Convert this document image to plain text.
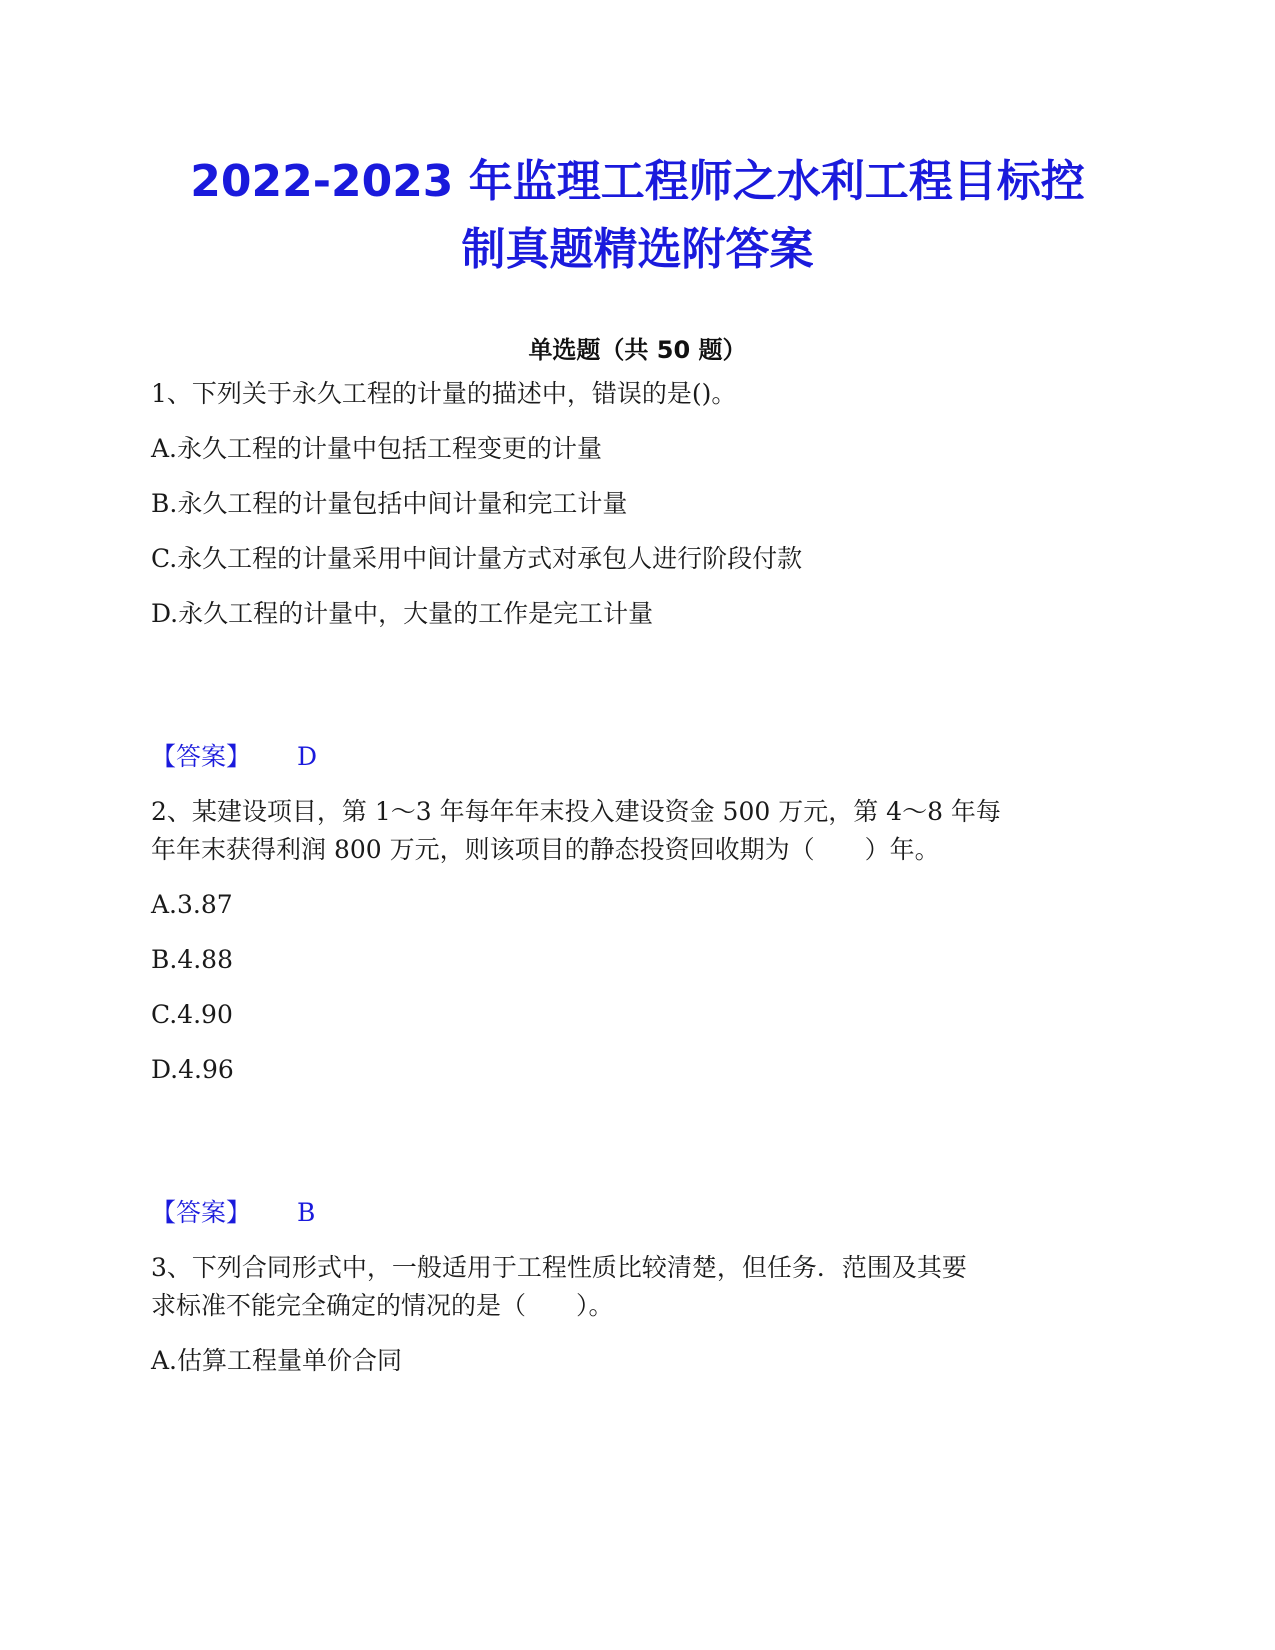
2022-2023 年监理工程师之水利工程目标控
制真题精选附答案
单选题（共 50 题）
1、下列关于永久工程的计量的描述中，错误的是()。
A.永久工程的计量中包括工程变更的计量
B.永久工程的计量包括中间计量和完工计量
C.永久工程的计量采用中间计量方式对承包人进行阶段付款
D.永久工程的计量中，大量的工作是完工计量
【答案】 D
2、某建设项目，第 1～3 年每年年末投入建设资金 500 万元，第 4～8 年每
年年末获得利润 800 万元，则该项目的静态投资回收期为（　　）年。
A.3.87
B.4.88
C.4.90
D.4.96
【答案】 B
3、下列合同形式中，一般适用于工程性质比较清楚，但任务．范围及其要
求标准不能完全确定的情况的是（　　）。
A.估算工程量单价合同
